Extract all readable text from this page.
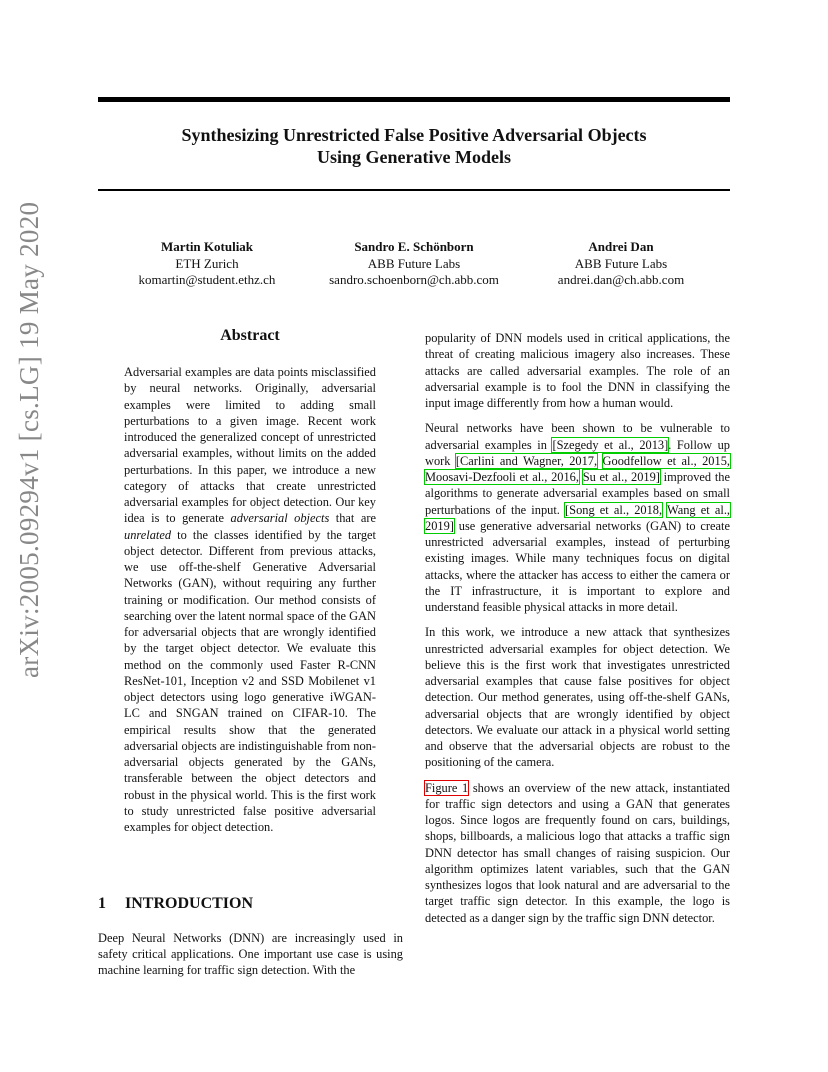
arXiv:2005.09294v1 [cs.LG] 19 May 2020
Synthesizing Unrestricted False Positive Adversarial Objects
Using Generative Models
Martin Kotuliak
ETH Zurich
komartin@student.ethz.ch
Sandro E. Schönborn
ABB Future Labs
sandro.schoenborn@ch.abb.com
Andrei Dan
ABB Future Labs
andrei.dan@ch.abb.com
Abstract
Adversarial examples are data points misclassified by neural networks. Originally, adversarial examples were limited to adding small perturbations to a given image. Recent work introduced the generalized concept of unrestricted adversarial examples, without limits on the added perturbations. In this paper, we introduce a new category of attacks that create unrestricted adversarial examples for object detection. Our key idea is to generate adversarial objects that are unrelated to the classes identified by the target object detector. Different from previous attacks, we use off-the-shelf Generative Adversarial Networks (GAN), without requiring any further training or modification. Our method consists of searching over the latent normal space of the GAN for adversarial objects that are wrongly identified by the target object detector. We evaluate this method on the commonly used Faster R-CNN ResNet-101, Inception v2 and SSD Mobilenet v1 object detectors using logo generative iWGAN-LC and SNGAN trained on CIFAR-10. The empirical results show that the generated adversarial objects are indistinguishable from non-adversarial objects generated by the GANs, transferable between the object detectors and robust in the physical world. This is the first work to study unrestricted false positive adversarial examples for object detection.
1 INTRODUCTION
Deep Neural Networks (DNN) are increasingly used in safety critical applications. One important use case is using machine learning for traffic sign detection. With the

popularity of DNN models used in critical applications, the threat of creating malicious imagery also increases. These attacks are called adversarial examples. The role of an adversarial example is to fool the DNN in classifying the input image differently from how a human would.

Neural networks have been shown to be vulnerable to adversarial examples in [Szegedy et al., 2013]. Follow up work [Carlini and Wagner, 2017, Goodfellow et al., 2015, Moosavi-Dezfooli et al., 2016, Su et al., 2019] improved the algorithms to generate adversarial examples based on small perturbations of the input. [Song et al., 2018, Wang et al., 2019] use generative adversarial networks (GAN) to create unrestricted adversarial examples, instead of perturbing existing images. While many techniques focus on digital attacks, where the attacker has access to either the camera or the IT infrastructure, it is important to explore and understand feasible physical attacks in more detail.

In this work, we introduce a new attack that synthesizes unrestricted adversarial examples for object detection. We believe this is the first work that investigates unrestricted adversarial examples that cause false positives for object detection. Our method generates, using off-the-shelf GANs, adversarial objects that are wrongly identified by object detectors. We evaluate our attack in a physical world setting and observe that the adversarial objects are robust to the positioning of the camera.

Figure 1 shows an overview of the new attack, instantiated for traffic sign detectors and using a GAN that generates logos. Since logos are frequently found on cars, buildings, shops, billboards, a malicious logo that attacks a traffic sign DNN detector has small changes of raising suspicion. Our algorithm optimizes latent variables, such that the GAN synthesizes logos that look natural and are adversarial to the target traffic sign detector. In this example, the logo is detected as a danger sign by the traffic sign DNN detector.
